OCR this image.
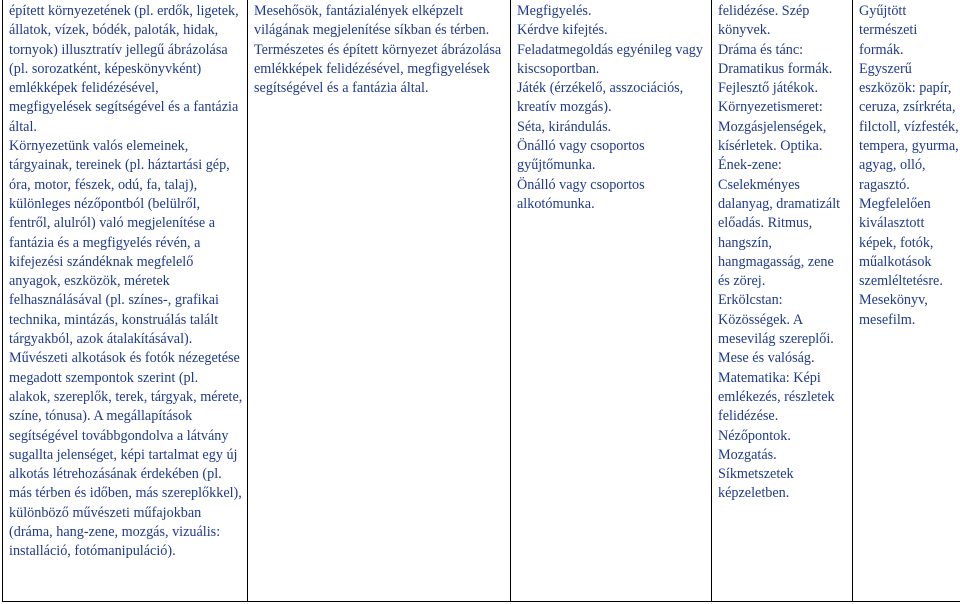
épített környezetének (pl. erdők, ligetek, állatok, vízek, bódék, paloták, hidak, tornyok) illusztratív jellegű ábrázolása (pl. sorozatként, képeskönyvként) emlékképek felidézésével, megfigyelések segítségével és a fantázia által.
Környezetünk valós elemeinek, tárgyainak, tereinek (pl. háztartási gép, óra, motor, fészek, odú, fa, talaj), különleges nézőpontból (belülről, fentről, alulról) való megjelenítése a fantázia és a megfigyelés révén, a kifejezési szándéknak megfelelő anyagok, eszközök, méretek felhasználásával (pl. színes-, grafikai technika, mintázás, konstruálás talált tárgyakból, azok átalakításával).
Művészeti alkotások és fotók nézegetése megadott szempontok szerint (pl. alakok, szereplők, terek, tárgyak, mérete, színe, tónusa). A megállapítások segítségével továbbgondolva a látvány sugallta jelenséget, képi tartalmat egy új alkotás létrehozásának érdekében (pl. más térben és időben, más szereplőkkel), különböző művészeti műfajokban (dráma, hang-zene, mozgás, vizuális: installáció, fotómanipuláció).

Mesehősök, fantázialények elképzelt világának megjelenítése síkban és térben.
Természetes és épített környezet ábrázolása emlékképek felidézésével, megfigyelések segítségével és a fantázia által.

Megfigyelés.
Kérdve kifejtés.
Feladatmegoldás egyénileg vagy kiscsoportban.
Játék (érzékelő, asszociációs, kreatív mozgás).
Séta, kirándulás.
Önálló vagy csoportos gyűjtőmunka.
Önálló vagy csoportos alkotómunka.

felidézése. Szép könyvek.
Dráma és tánc: Dramatikus formák.
Fejlesztő játékok.
Környezetismeret: Mozgásjelenségek, kísérletek. Optika.
Ének-zene: Cselekményes dalanyag, dramatizált előadás. Ritmus, hangszín, hangmagasság, zene és zörej.
Erkölcstan: Közösségek. A mesevilág szereplői. Mese és valóság.
Matematika: Képi emlékezés, részletek felidézése.
Nézőpontok.
Mozgatás.
Síkmetszetek képzeletben.

Gyűjtött természeti formák.
Egyszerű eszközök: papír, ceruza, zsírkréta, filctoll, vízfesték, tempera, gyurma, agyag, olló, ragasztó.
Megfelelően kiválasztott képek, fotók, műalkotások szemléltetésre.
Mesekönyv, mesefilm.
